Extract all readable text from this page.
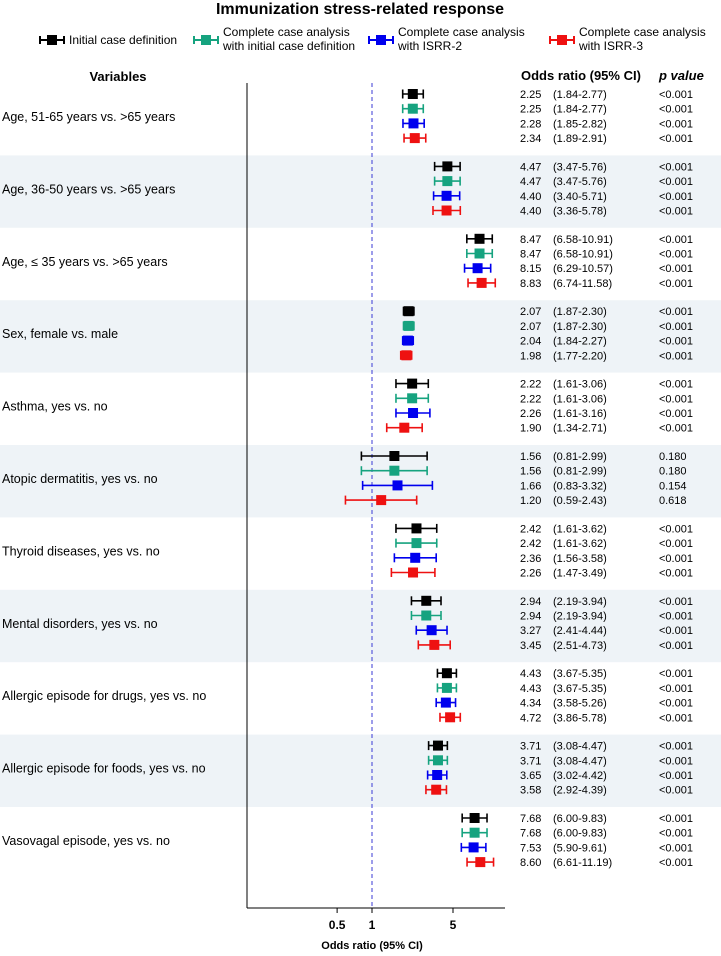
Immunization stress-related response
Initial case definition
Complete case analysis
with initial case definition
Complete case analysis
with ISRR-2
Complete case analysis
with ISRR-3
Variables	Odds ratio (95% CI) p value
0.5 1	5
Age, 51-65 years vs. >65 years
2.25 (1.84-2.77)	<0.001
2.25 (1.84-2.77)	<0.001
2.28 (1.85-2.82)	<0.001
2.34 (1.89-2.91)	<0.001
Age, 36-50 years vs. >65 years
4.47 (3.47-5.76)	<0.001
4.47 (3.47-5.76)	<0.001
4.40 (3.40-5.71)	<0.001
4.40 (3.36-5.78)	<0.001
Age, ≤ 35 years vs. >65 years
8.47 (6.58-10.91)	<0.001
8.47 (6.58-10.91)	<0.001
8.15 (6.29-10.57)	<0.001
8.83 (6.74-11.58)	<0.001
Sex, female vs. male
2.07 (1.87-2.30)	<0.001
2.07 (1.87-2.30)	<0.001
2.04 (1.84-2.27)	<0.001
1.98 (1.77-2.20)	<0.001
Asthma, yes vs. no
2.22 (1.61-3.06)	<0.001
2.22 (1.61-3.06)	<0.001
2.26 (1.61-3.16)	<0.001
1.90 (1.34-2.71)	<0.001
Atopic dermatitis, yes vs. no
1.56 (0.81-2.99)	0.180
1.56 (0.81-2.99)	0.180
1.66 (0.83-3.32)	0.154
1.20 (0.59-2.43)	0.618
Thyroid diseases, yes vs. no
2.42 (1.61-3.62)	<0.001
2.42 (1.61-3.62)	<0.001
2.36 (1.56-3.58)	<0.001
2.26 (1.47-3.49)	<0.001
Mental disorders, yes vs. no
2.94 (2.19-3.94)	<0.001
2.94 (2.19-3.94)	<0.001
3.27 (2.41-4.44)	<0.001
3.45 (2.51-4.73)	<0.001
Allergic episode for drugs, yes vs. no
4.43 (3.67-5.35)	<0.001
4.43 (3.67-5.35)	<0.001
4.34 (3.58-5.26)	<0.001
4.72 (3.86-5.78)	<0.001
Allergic episode for foods, yes vs. no
3.71 (3.08-4.47)	<0.001
3.71 (3.08-4.47)	<0.001
3.65 (3.02-4.42)	<0.001
3.58 (2.92-4.39)	<0.001
Vasovagal episode, yes vs. no
7.68 (6.00-9.83)	<0.001
7.68 (6.00-9.83)	<0.001
7.53 (5.90-9.61)	<0.001
8.60 (6.61-11.19)	<0.001
Odds ratio (95% CI)
